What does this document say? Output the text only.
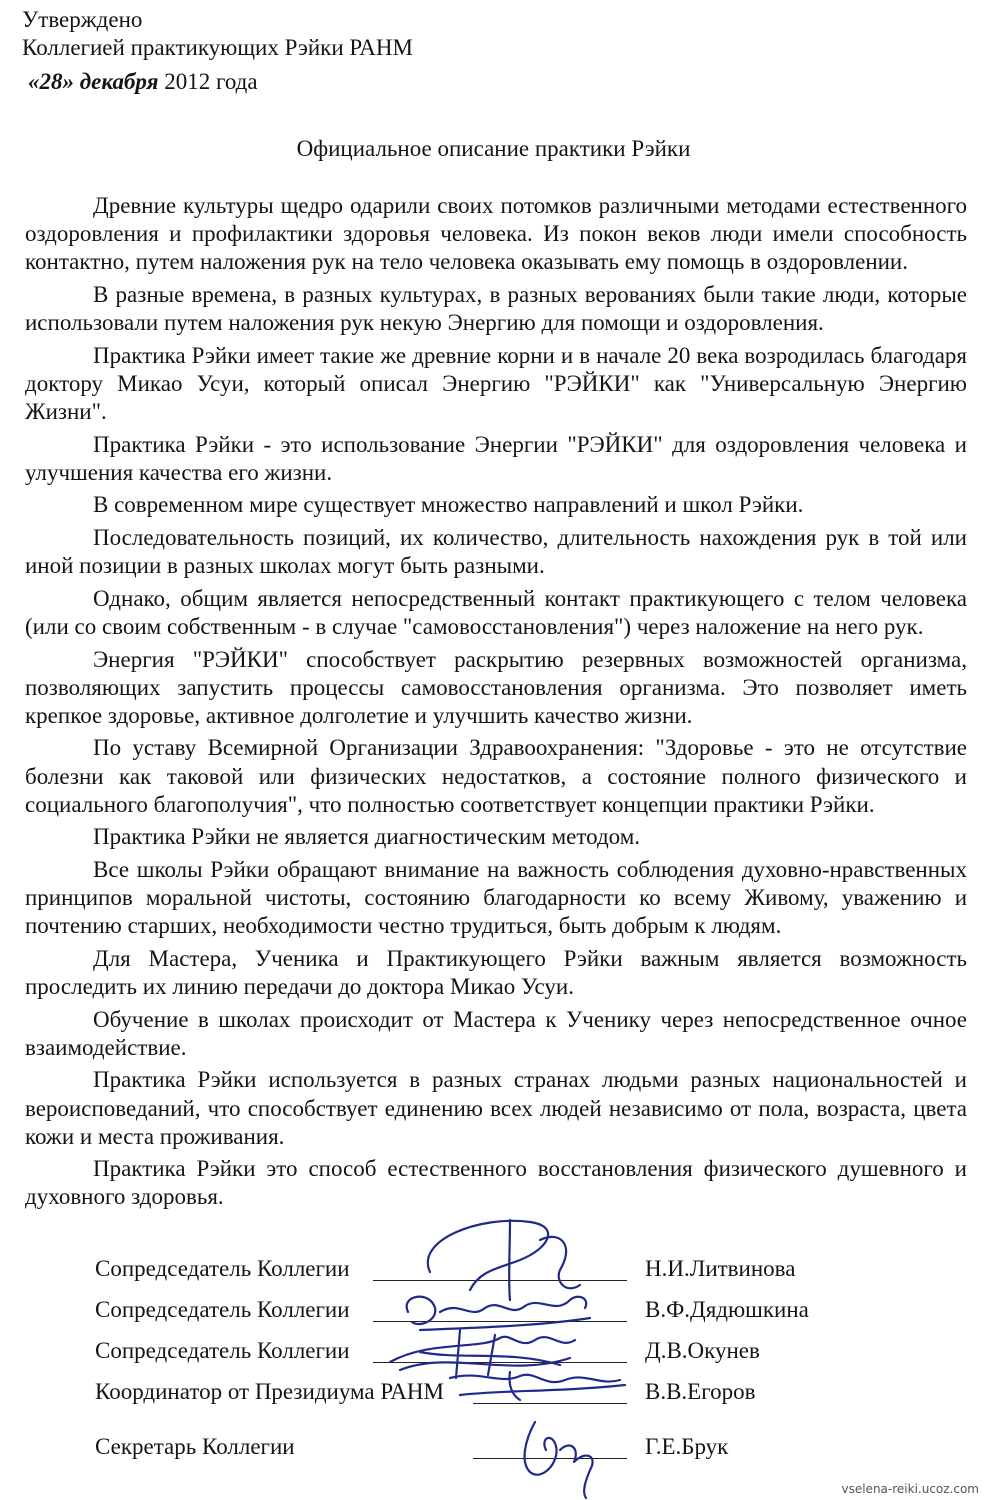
Утверждено
Коллегией практикующих Рэйки РАНМ
«28» декабря 2012 года
Официальное описание практики Рэйки

Древние культуры щедро одарили своих потомков различными методами естественного оздоровления и профилактики здоровья человека. Из покон веков люди имели способность контактно, путем наложения рук на тело человека оказывать ему помощь в оздоровлении.

В разные времена, в разных культурах, в разных верованиях были такие люди, которые использовали путем наложения рук некую Энергию для помощи и оздоровления.

Практика Рэйки имеет такие же древние корни и в начале 20 века возродилась благодаря доктору Микао Усуи, который описал Энергию "РЭЙКИ" как "Универсальную Энергию Жизни".

Практика Рэйки - это использование Энергии "РЭЙКИ" для оздоровления человека и улучшения качества его жизни.

В современном мире существует множество направлений и школ Рэйки.

Последовательность позиций, их количество, длительность нахождения рук в той или иной позиции в разных школах могут быть разными.

Однако, общим является непосредственный контакт практикующего с телом человека (или со своим собственным - в случае "самовосстановления") через наложение на него рук.

Энергия "РЭЙКИ" способствует раскрытию резервных возможностей организма, позволяющих запустить процессы самовосстановления организма. Это позволяет иметь крепкое здоровье, активное долголетие и улучшить качество жизни.

По уставу Всемирной Организации Здравоохранения: "Здоровье - это не отсутствие болезни как таковой или физических недостатков, а состояние полного физического и социального благополучия", что полностью соответствует концепции практики Рэйки.

Практика Рэйки не является диагностическим методом.

Все школы Рэйки обращают внимание на важность соблюдения духовно-нравственных принципов моральной чистоты, состоянию благодарности ко всему Живому, уважению и почтению старших, необходимости честно трудиться, быть добрым к людям.

Для Мастера, Ученика и Практикующего Рэйки важным является возможность проследить их линию передачи до доктора Микао Усуи.

Обучение в школах происходит от Мастера к Ученику через непосредственное очное взаимодействие.

Практика Рэйки используется в разных странах людьми разных национальностей и вероисповеданий, что способствует единению всех людей независимо от пола, возраста, цвета кожи и места проживания.

Практика Рэйки это способ естественного восстановления физического душевного и духовного здоровья.

Сопредседатель Коллегии	Н.И.Литвинова
Сопредседатель Коллегии	В.Ф.Дядюшкина
Сопредседатель Коллегии	Д.В.Окунев
Координатор от Президиума РАНМ	В.В.Егоров
Секретарь Коллегии	Г.Е.Брук
vselena-reiki.ucoz.com
